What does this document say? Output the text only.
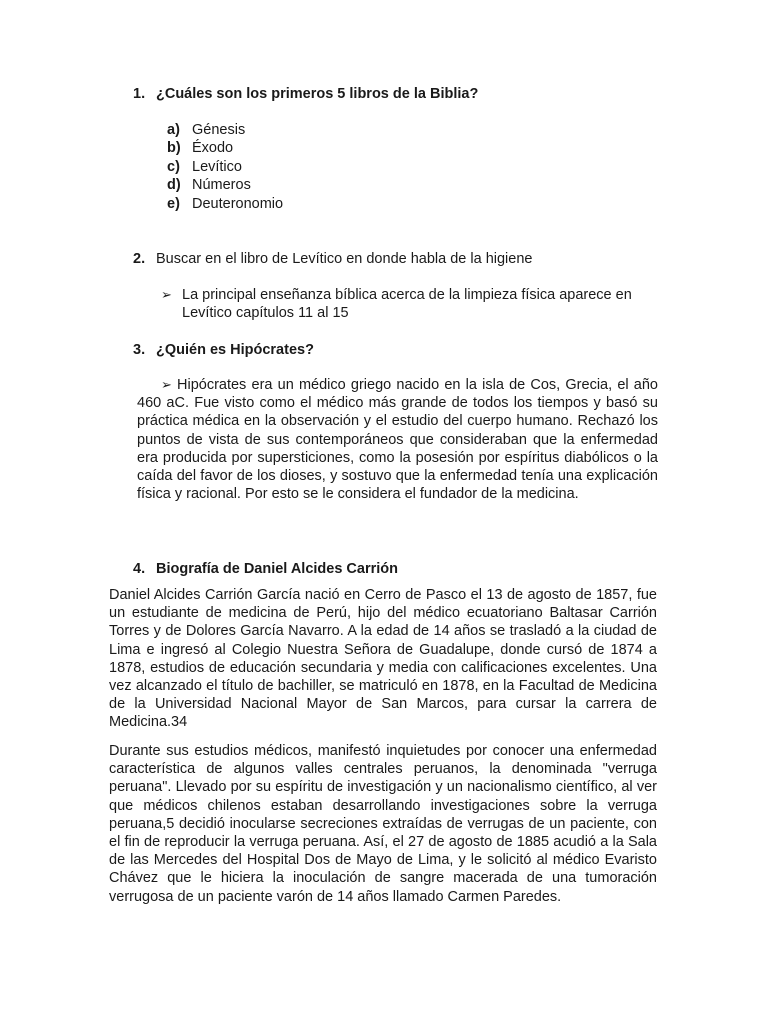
1. ¿Cuáles son los primeros 5 libros de la Biblia?
a) Génesis
b) Éxodo
c) Levítico
d) Números
e) Deuteronomio
2. Buscar en el libro de Levítico en donde habla de la higiene
➢ La principal enseñanza bíblica acerca de la limpieza física aparece en Levítico capítulos 11 al 15
3. ¿Quién es Hipócrates?
➢ Hipócrates era un médico griego nacido en la isla de Cos, Grecia, el año 460 aC. Fue visto como el médico más grande de todos los tiempos y basó su práctica médica en la observación y el estudio del cuerpo humano. Rechazó los puntos de vista de sus contemporáneos que consideraban que la enfermedad era producida por supersticiones, como la posesión por espíritus diabólicos o la caída del favor de los dioses, y sostuvo que la enfermedad tenía una explicación física y racional. Por esto se le considera el fundador de la medicina.
4. Biografía de Daniel Alcides Carrión
Daniel Alcides Carrión García nació en Cerro de Pasco el 13 de agosto de 1857, fue un estudiante de medicina de Perú, hijo del médico ecuatoriano Baltasar Carrión Torres y de Dolores García Navarro. A la edad de 14 años se trasladó a la ciudad de Lima e ingresó al Colegio Nuestra Señora de Guadalupe, donde cursó de 1874 a 1878, estudios de educación secundaria y media con calificaciones excelentes. Una vez alcanzado el título de bachiller, se matriculó en 1878, en la Facultad de Medicina de la Universidad Nacional Mayor de San Marcos, para cursar la carrera de Medicina.34
Durante sus estudios médicos, manifestó inquietudes por conocer una enfermedad característica de algunos valles centrales peruanos, la denominada "verruga peruana". Llevado por su espíritu de investigación y un nacionalismo científico, al ver que médicos chilenos estaban desarrollando investigaciones sobre la verruga peruana,5 decidió inocularse secreciones extraídas de verrugas de un paciente, con el fin de reproducir la verruga peruana. Así, el 27 de agosto de 1885 acudió a la Sala de las Mercedes del Hospital Dos de Mayo de Lima, y le solicitó al médico Evaristo Chávez que le hiciera la inoculación de sangre macerada de una tumoración verrugosa de un paciente varón de 14 años llamado Carmen Paredes.
